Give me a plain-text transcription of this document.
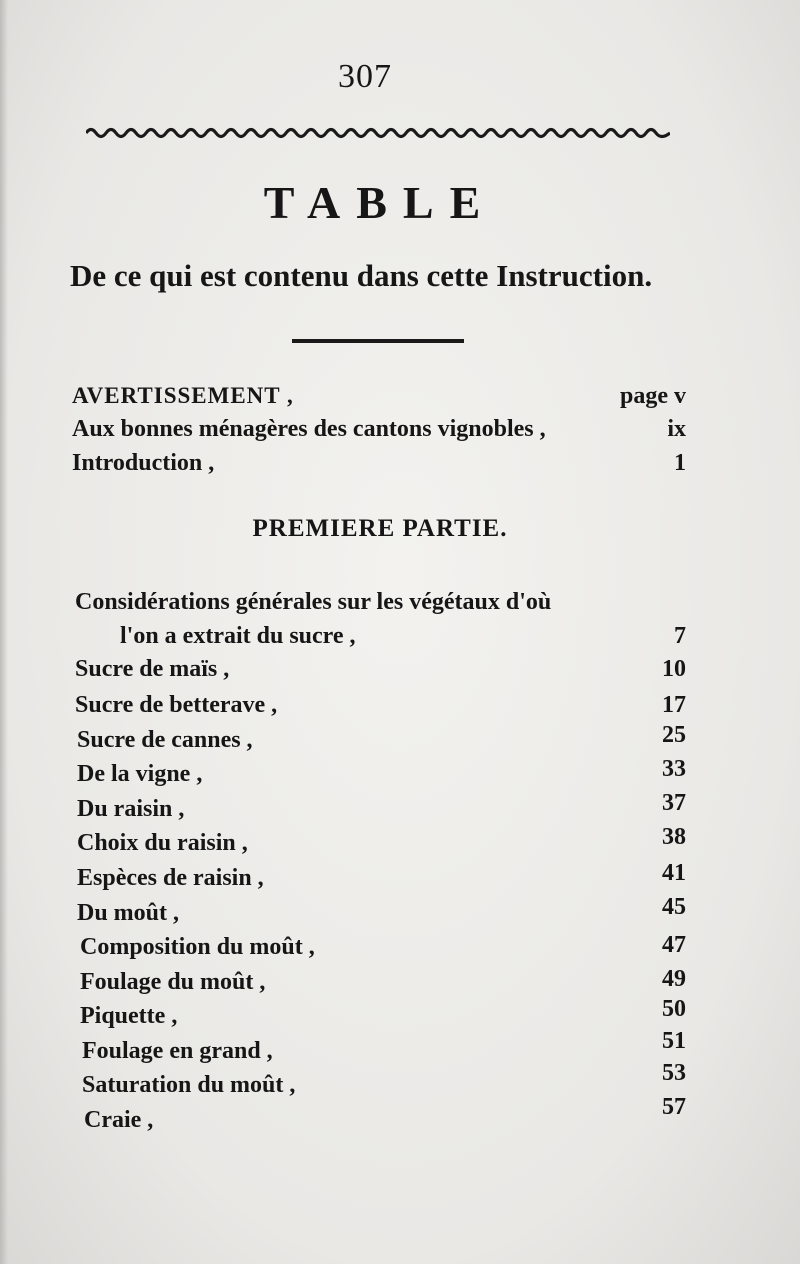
307
TABLE
De ce qui est contenu dans cette Instruction.
AVERTISSEMENT ,	page v
Aux bonnes ménagères des cantons vignobles ,	ix
Introduction ,	1
PREMIERE PARTIE.
Considérations générales sur les végétaux d'où
l'on a extrait du sucre ,	7
Sucre de maïs ,	10
Sucre de betterave ,	17
Sucre de cannes ,	25
De la vigne ,	33
Du raisin ,	37
Choix du raisin ,	38
Espèces de raisin ,	41
Du moût ,	45
Composition du moût ,	47
Foulage du moût ,	49
Piquette ,	50
Foulage en grand ,	51
Saturation du moût ,	53
Craie ,	57
